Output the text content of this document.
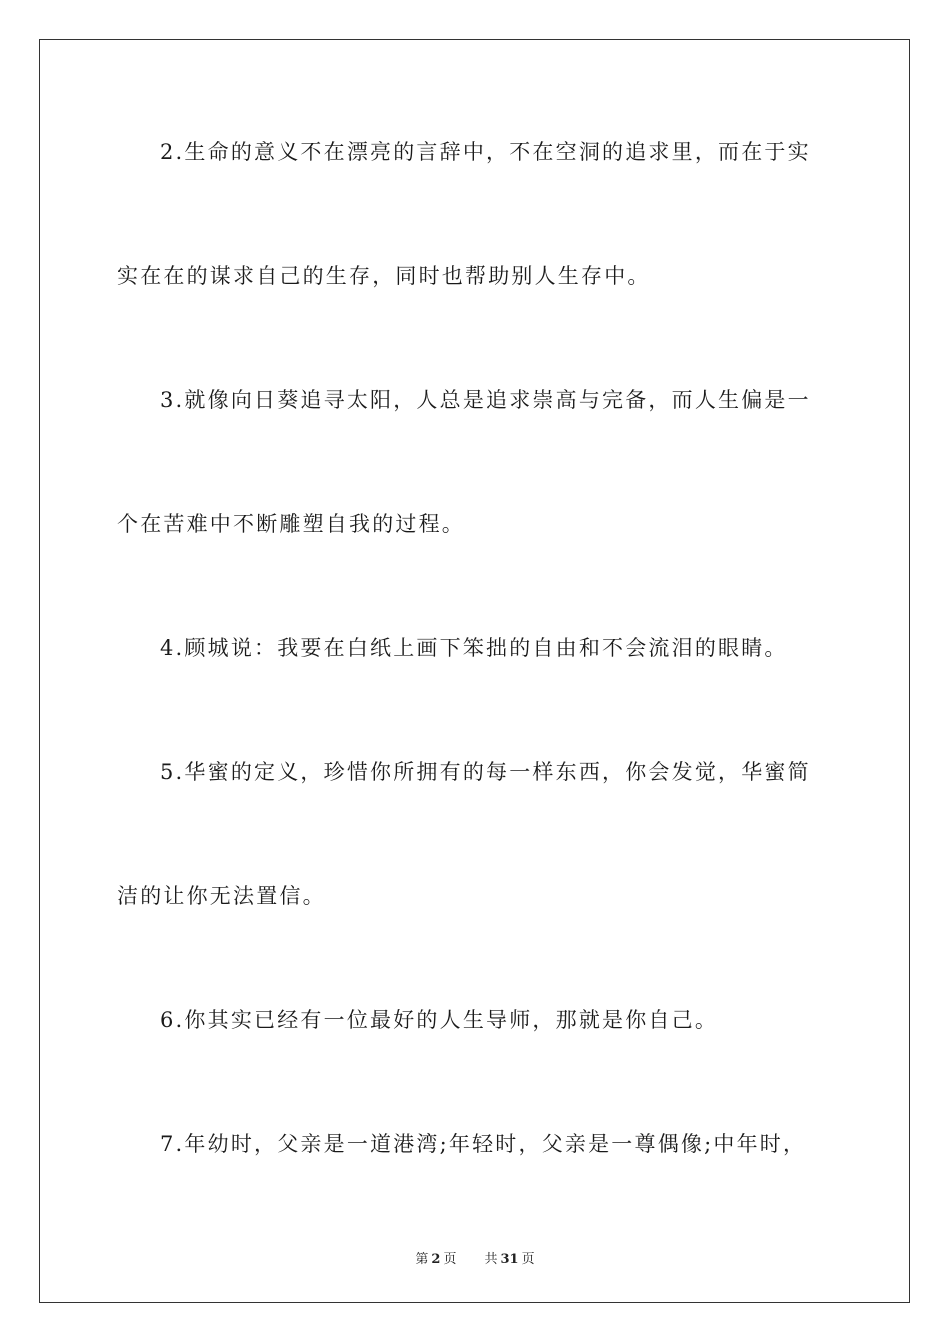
2.生命的意义不在漂亮的言辞中，不在空洞的追求里，而在于实
实在在的谋求自己的生存，同时也帮助别人生存中。
3.就像向日葵追寻太阳，人总是追求崇高与完备，而人生偏是一
个在苦难中不断雕塑自我的过程。
4.顾城说：我要在白纸上画下笨拙的自由和不会流泪的眼睛。
5.华蜜的定义，珍惜你所拥有的每一样东西，你会发觉，华蜜简
洁的让你无法置信。
6.你其实已经有一位最好的人生导师，那就是你自己。
7.年幼时，父亲是一道港湾;年轻时，父亲是一尊偶像;中年时，
第 2 页 共 31 页
